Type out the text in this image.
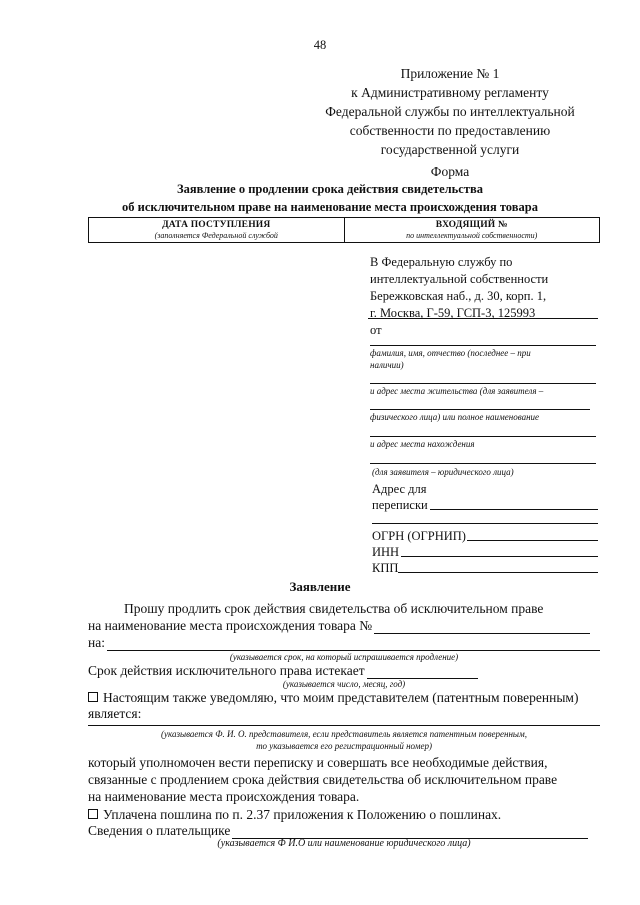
48
Приложение № 1
к Административному регламенту
Федеральной службы по интеллектуальной
собственности по предоставлению
государственной услуги
Форма
Заявление о продлении срока действия свидетельства
об исключительном праве на наименование места происхождения товара
ДАТА ПОСТУПЛЕНИЯ
(заполняется Федеральной службой

ВХОДЯЩИЙ №
по интеллектуальной собственности)
В Федеральную службу по
интеллектуальной собственности
Бережковская наб., д. 30, корп. 1,
г. Москва, Г-59, ГСП-3, 125993
от
фамилия, имя, отчество (последнее – при
наличии)
и адрес места жительства (для заявителя –
физического лица) или полное наименование
и адрес места нахождения
(для заявителя – юридического лица)
Адрес для
переписки
ОГРН (ОГРНИП)
ИНН
КПП
Заявление
Прошу продлить срок действия свидетельства об исключительном праве
на наименование места происхождения товара №
на:
(указывается срок, на который испрашивается продление)
Срок действия исключительного права истекает
(указывается число, месяц, год)
Настоящим также уведомляю, что моим представителем (патентным поверенным)
является:
(указывается Ф. И. О. представителя, если представитель является патентным поверенным,
то указывается его регистрационный номер)
который уполномочен вести переписку и совершать все необходимые действия,
связанные с продлением срока действия свидетельства об исключительном праве
на наименование места происхождения товара.
Уплачена пошлина по п. 2.37 приложения к Положению о пошлинах.
Сведения о плательщике
(указывается Ф И.О или наименование юридического лица)
